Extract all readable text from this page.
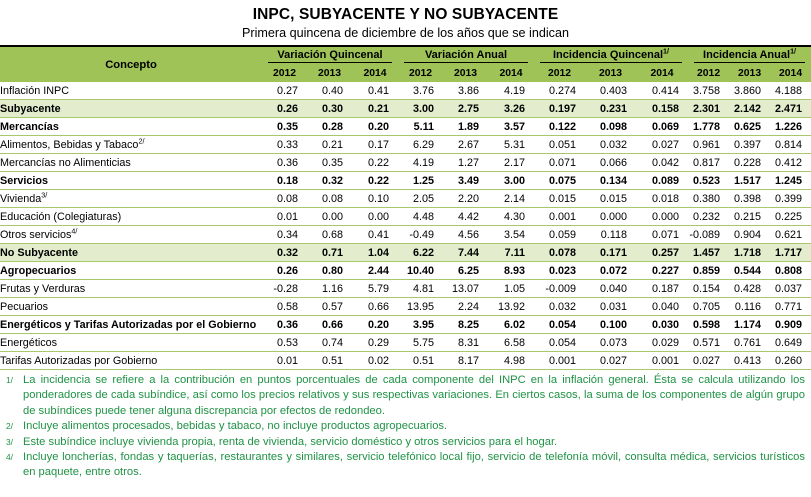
INPC, SUBYACENTE Y NO SUBYACENTE
Primera quincena de diciembre de los años que se indican
Concepto	Variación Quincenal			Variación Anual			Incidencia Quincenal$^{1/}$			Incidencia Anual$^{1/}$

	2012	2013	2014	2012	2013	2014	2012	2013	2014	2012	2013	2014
Inflación INPC	0.27	0.40	0.41	3.76	3.86	4.19	0.274	0.403	0.414	3.758	3.860	4.188
Subyacente	0.26	0.30	0.21	3.00	2.75	3.26	0.197	0.231	0.158	2.301	2.142	2.471
Mercancías	0.35	0.28	0.20	5.11	1.89	3.57	0.122	0.098	0.069	1.778	0.625	1.226
Alimentos, Bebidas y Tabaco$^{2/}$	0.33	0.21	0.17	6.29	2.67	5.31	0.051	0.032	0.027	0.961	0.397	0.814
Mercancías no Alimenticias	0.36	0.35	0.22	4.19	1.27	2.17	0.071	0.066	0.042	0.817	0.228	0.412
Servicios	0.18	0.32	0.22	1.25	3.49	3.00	0.075	0.134	0.089	0.523	1.517	1.245
Vivienda$^{3/}$	0.08	0.08	0.10	2.05	2.20	2.14	0.015	0.015	0.018	0.380	0.398	0.399
Educación (Colegiaturas)	0.01	0.00	0.00	4.48	4.42	4.30	0.001	0.000	0.000	0.232	0.215	0.225
Otros servicios$^{4/}$	0.34	0.68	0.41	-0.49	4.56	3.54	0.059	0.118	0.071	-0.089	0.904	0.621
No Subyacente	0.32	0.71	1.04	6.22	7.44	7.11	0.078	0.171	0.257	1.457	1.718	1.717
Agropecuarios	0.26	0.80	2.44	10.40	6.25	8.93	0.023	0.072	0.227	0.859	0.544	0.808
Frutas y Verduras	-0.28	1.16	5.79	4.81	13.07	1.05	-0.009	0.040	0.187	0.154	0.428	0.037
Pecuarios	0.58	0.57	0.66	13.95	2.24	13.92	0.032	0.031	0.040	0.705	0.116	0.771
Energéticos y Tarifas Autorizadas por el Gobierno	0.36	0.66	0.20	3.95	8.25	6.02	0.054	0.100	0.030	0.598	1.174	0.909
Energéticos	0.53	0.74	0.29	5.75	8.31	6.58	0.054	0.073	0.029	0.571	0.761	0.649
Tarifas Autorizadas por Gobierno	0.01	0.51	0.02	0.51	8.17	4.98	0.001	0.027	0.001	0.027	0.413	0.260
1/ La incidencia se refiere a la contribución en puntos porcentuales de cada componente del INPC en la inflación general. Ésta se calcula utilizando los ponderadores de cada subíndice, así como los precios relativos y sus respectivas variaciones. En ciertos casos, la suma de los componentes de algún grupo de subíndices puede tener alguna discrepancia por efectos de redondeo.
2/ Incluye alimentos procesados, bebidas y tabaco, no incluye productos agropecuarios.
3/ Este subíndice incluye vivienda propia, renta de vivienda, servicio doméstico y otros servicios para el hogar.
4/ Incluye loncherías, fondas y taquerías, restaurantes y similares, servicio telefónico local fijo, servicio de telefonía móvil, consulta médica, servicios turísticos en paquete, entre otros.
